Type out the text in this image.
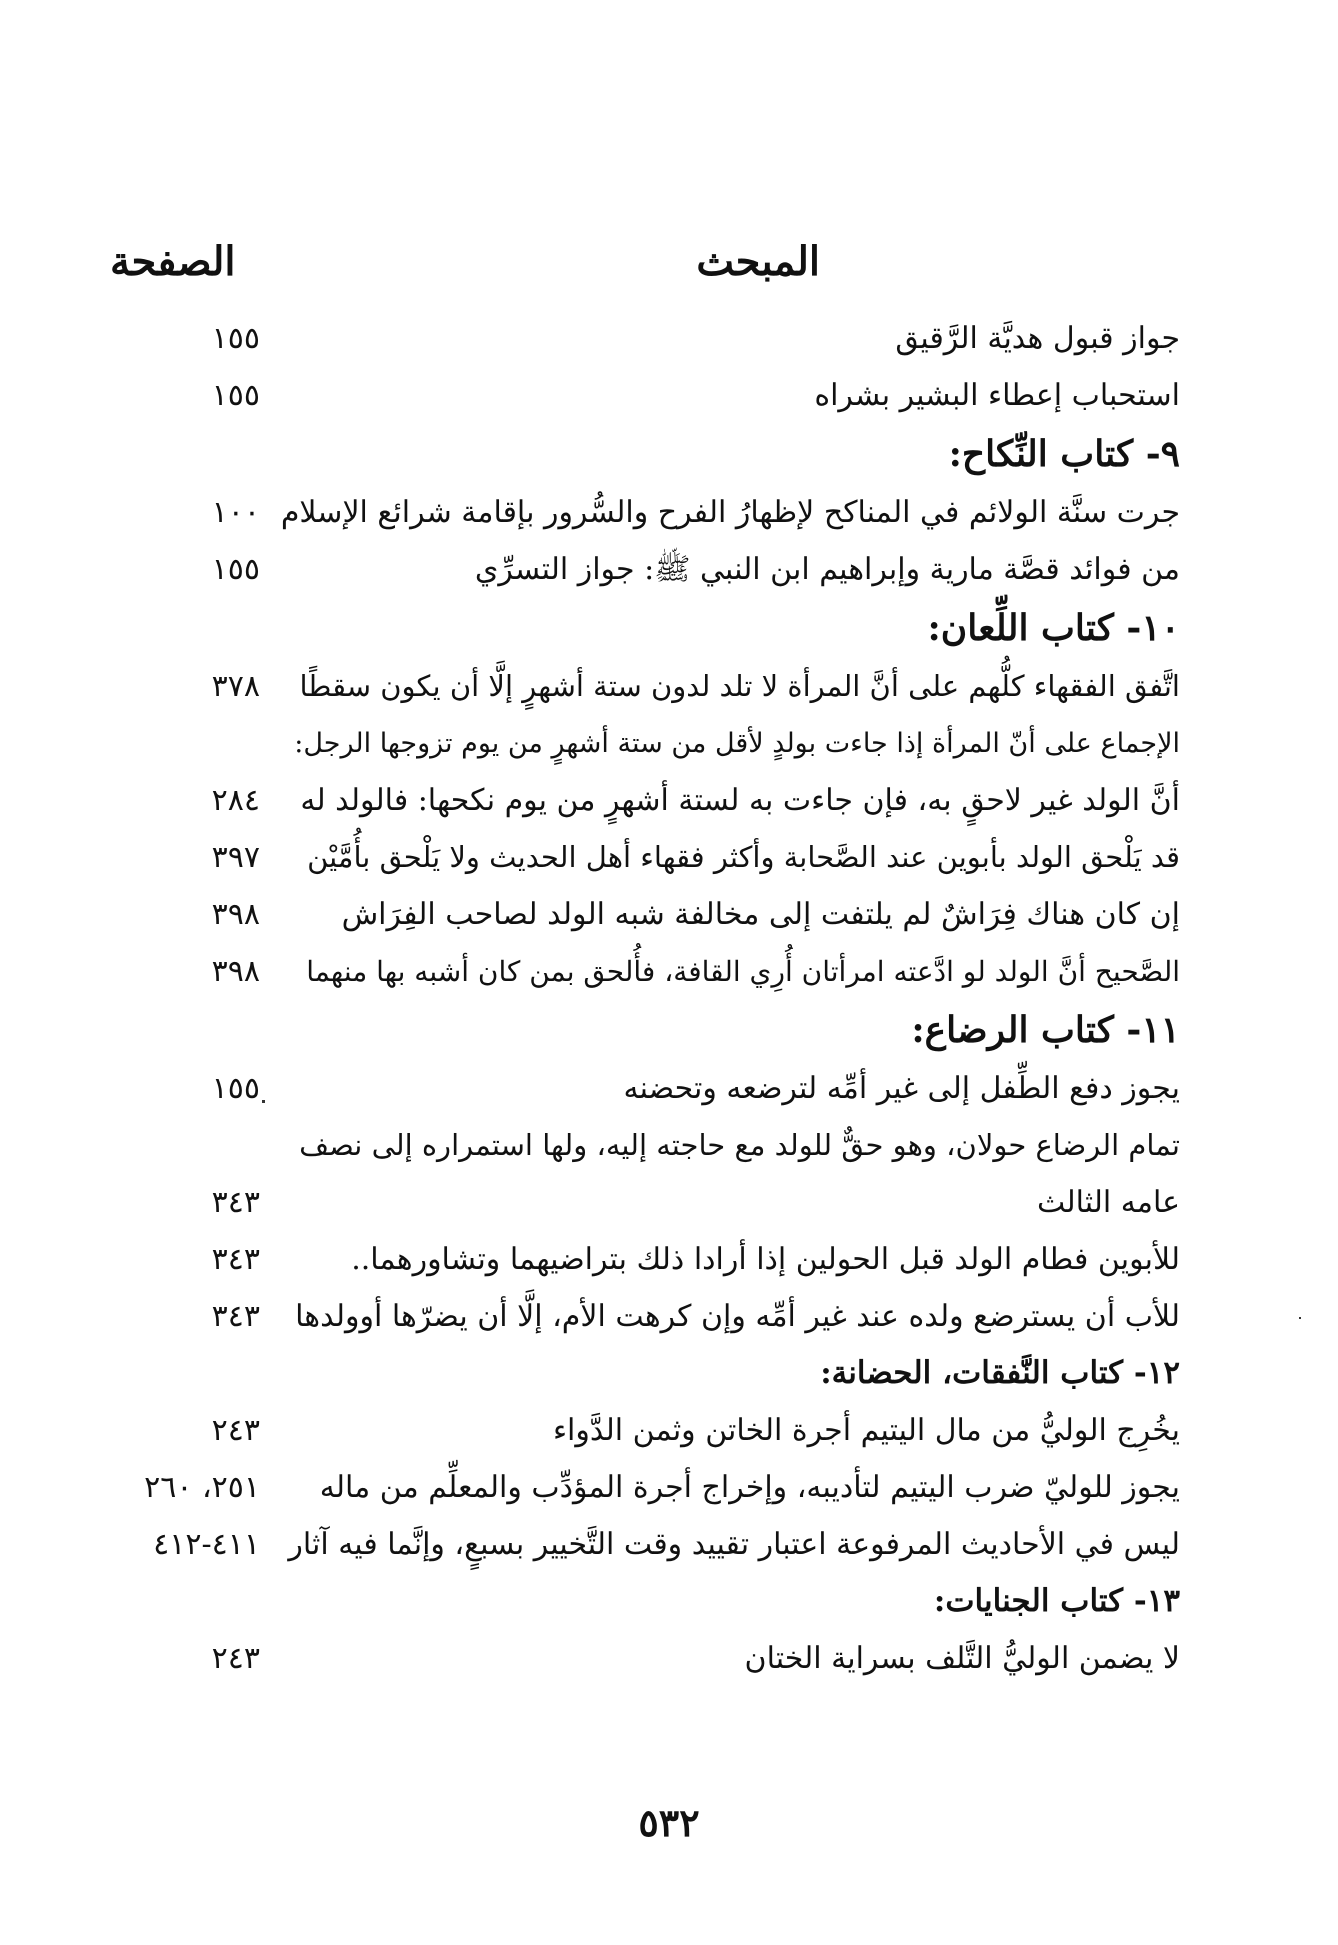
المبحث
الصفحة
جواز قبول هديَّة الرَّقيق
١٥٥
استحباب إعطاء البشير بشراه
١٥٥
٩- كتاب النِّكاح:
جرت سنَّة الولائم في المناكح لإظهارُ الفرح والسُّرور بإقامة شرائع الإسلام
١٠٠
من فوائد قصَّة مارية وإبراهيم ابن النبي ﷺ: جواز التسرِّي
١٥٥
١٠- كتاب اللِّعان:
اتَّفق الفقهاء كلُّهم على أنَّ المرأة لا تلد لدون ستة أشهرٍ إلَّا أن يكون سقطًا
٣٧٨
الإجماع على أنّ المرأة إذا جاءت بولدٍ لأقل من ستة أشهرٍ من يوم تزوجها الرجل:
أنَّ الولد غير لاحقٍ به، فإن جاءت به لستة أشهرٍ من يوم نكحها: فالولد له
٢٨٤
قد يَلْحق الولد بأبوين عند الصَّحابة وأكثر فقهاء أهل الحديث ولا يَلْحق بأُمَّيْن
٣٩٧
إن كان هناك فِرَاشٌ لم يلتفت إلى مخالفة شبه الولد لصاحب الفِرَاش
٣٩٨
الصَّحيح أنَّ الولد لو ادَّعته امرأتان أُرِي القافة، فأُلحق بمن كان أشبه بها منهما
٣٩٨
١١- كتاب الرضاع:
يجوز دفع الطِّفل إلى غير أمِّه لترضعه وتحضنه
١٥٥
تمام الرضاع حولان، وهو حقٌّ للولد مع حاجته إليه، ولها استمراره إلى نصف
عامه الثالث
٣٤٣
للأبوين فطام الولد قبل الحولين إذا أرادا ذلك بتراضيهما وتشاورهما..
٣٤٣
للأب أن يسترضع ولده عند غير أمِّه وإن كرهت الأم، إلَّا أن يضرّها أوولدها
٣٤٣
١٢- كتاب النَّفقات، الحضانة:
يخُرِج الوليُّ من مال اليتيم أجرة الخاتن وثمن الدَّواء
٢٤٣
يجوز للوليّ ضرب اليتيم لتأديبه، وإخراج أجرة المؤدِّب والمعلِّم من ماله
٢٥١، ٢٦٠
ليس في الأحاديث المرفوعة اعتبار تقييد وقت التَّخيير بسبعٍ، وإنَّما فيه آثار
٤١١-٤١٢
١٣- كتاب الجنايات:
لا يضمن الوليُّ التَّلف بسراية الختان
٢٤٣
٥٣٢
